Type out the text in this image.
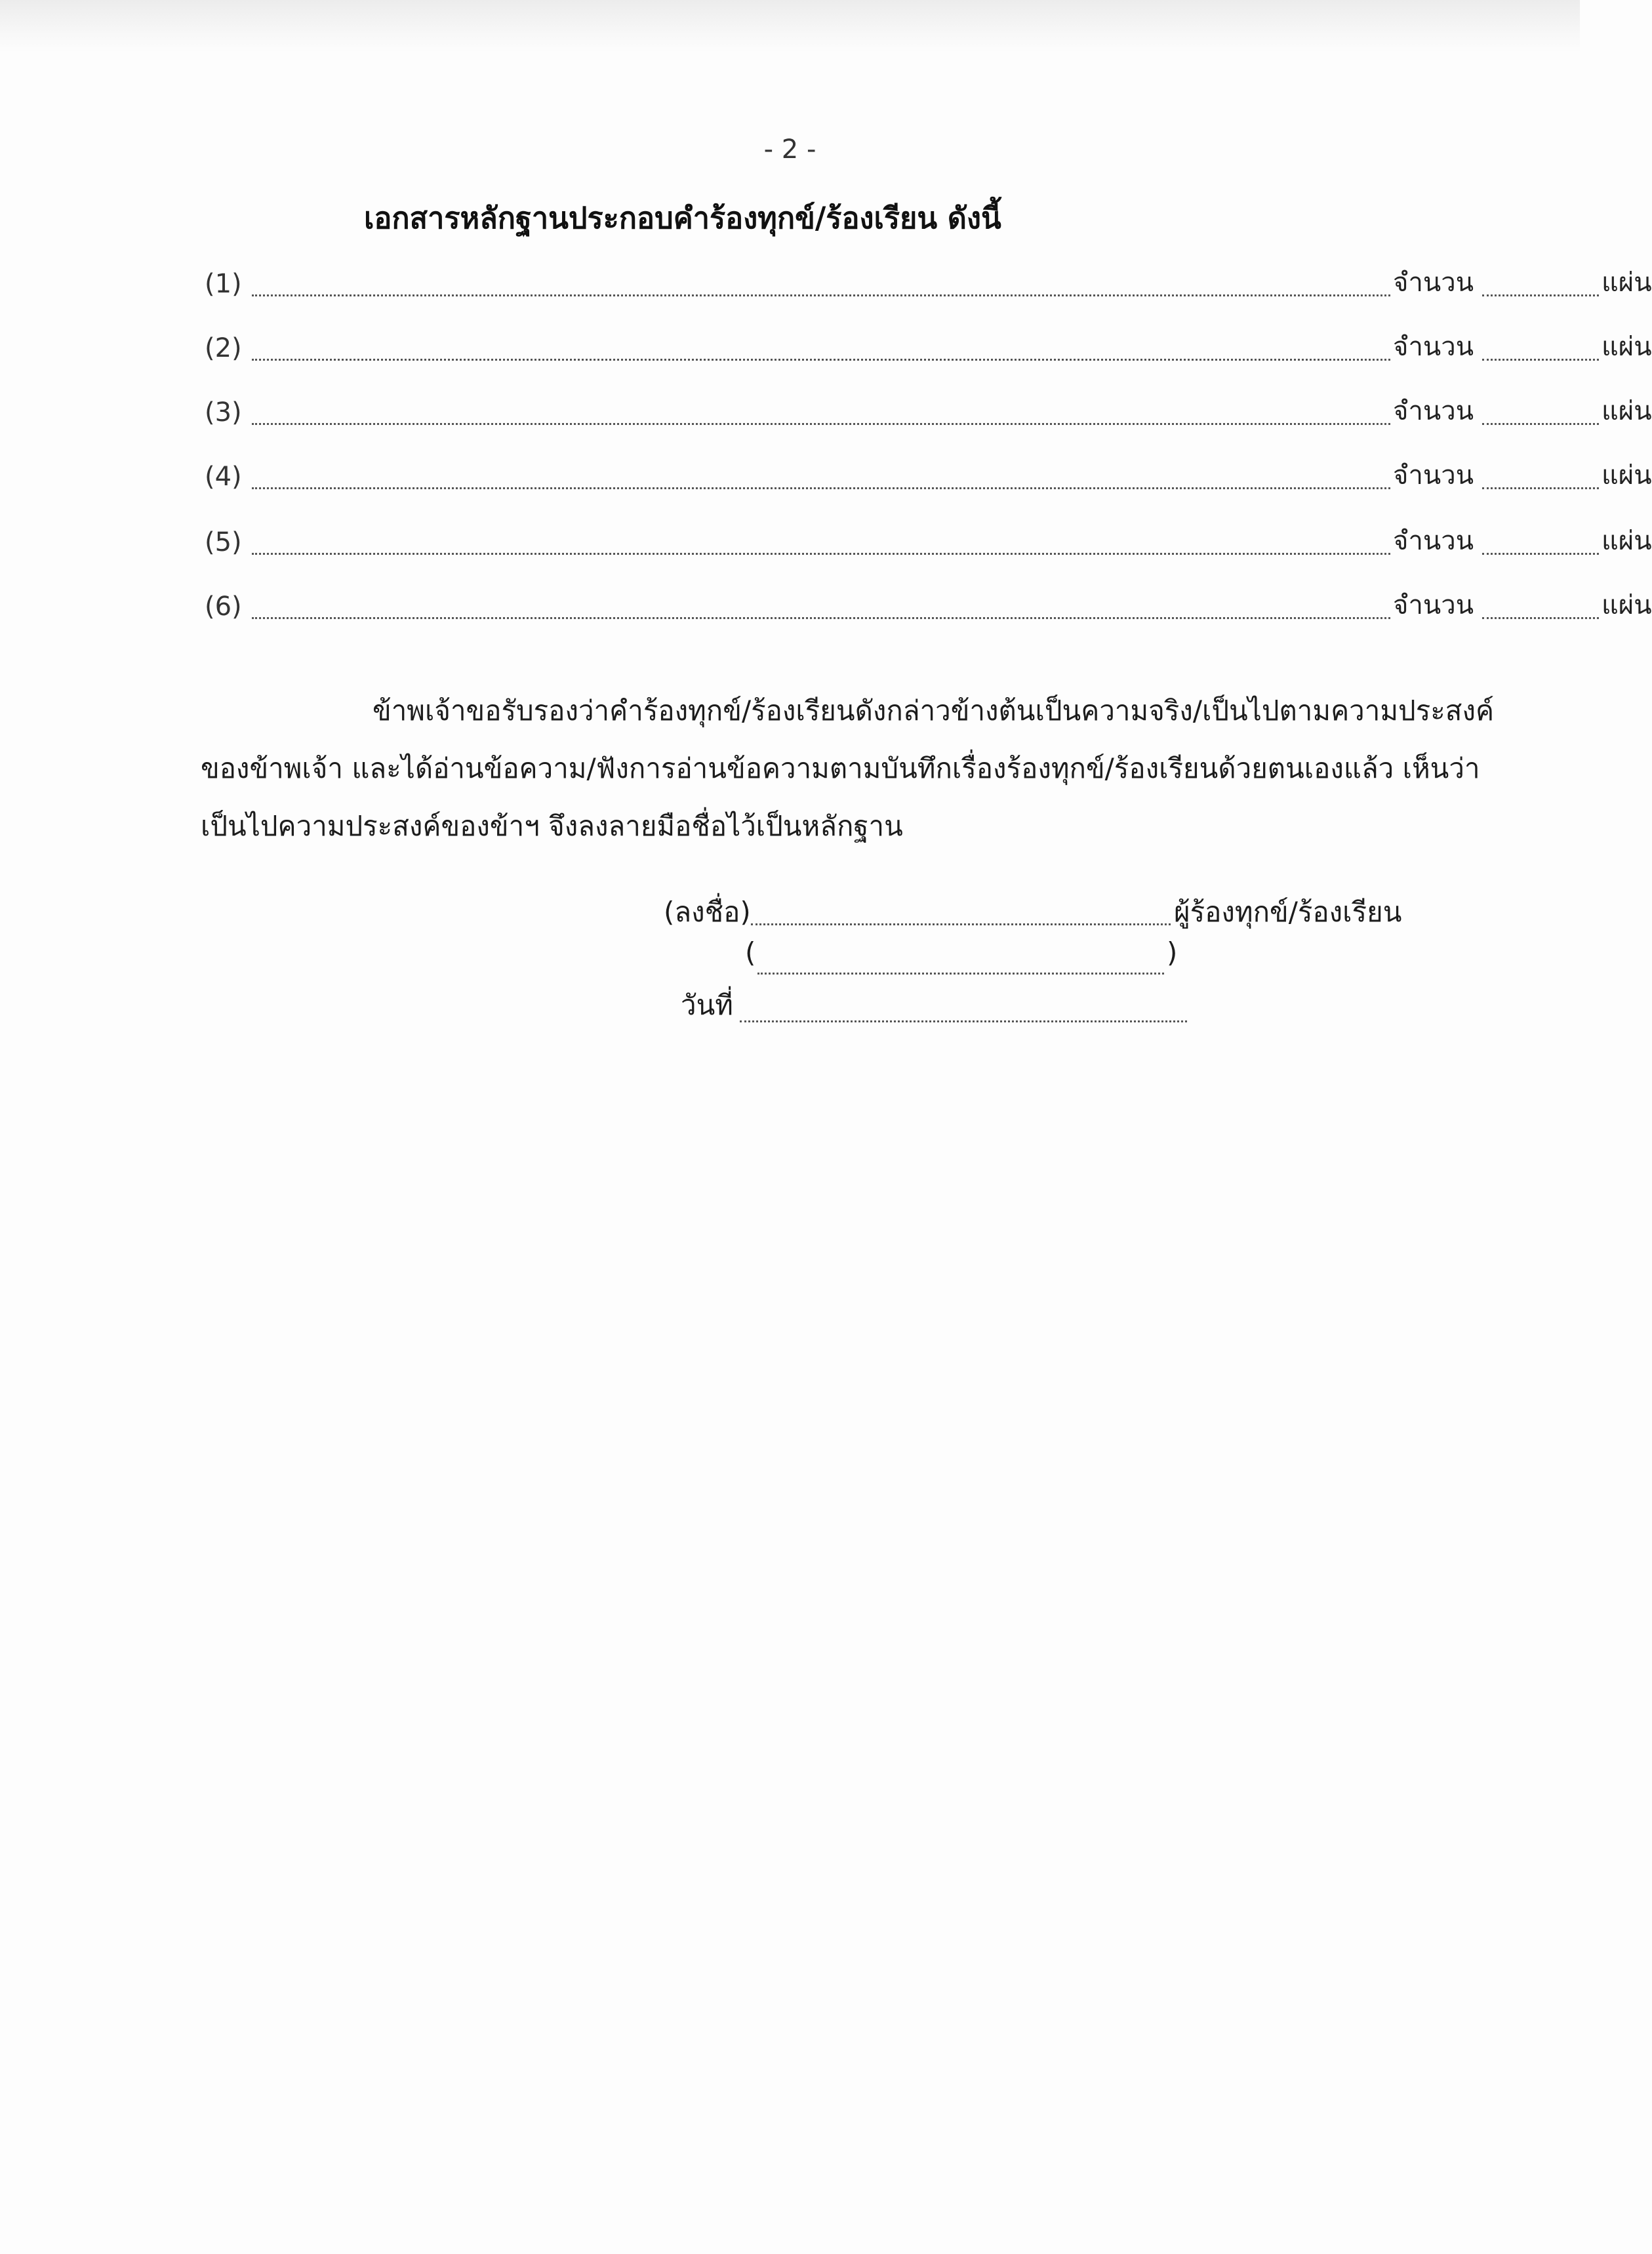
- 2 -
เอกสารหลักฐานประกอบคำร้องทุกข์/ร้องเรียน ดังนี้
(1)	จำนวน	แผ่น
(2)	จำนวน	แผ่น
(3)	จำนวน	แผ่น
(4)	จำนวน	แผ่น
(5)	จำนวน	แผ่น
(6)	จำนวน	แผ่น
ข้าพเจ้าขอรับรองว่าคำร้องทุกข์/ร้องเรียนดังกล่าวข้างต้นเป็นความจริง/เป็นไปตามความประสงค์
ของข้าพเจ้า และได้อ่านข้อความ/ฟังการอ่านข้อความตามบันทึกเรื่องร้องทุกข์/ร้องเรียนด้วยตนเองแล้ว เห็นว่า
เป็นไปความประสงค์ของข้าฯ จึงลงลายมือชื่อไว้เป็นหลักฐาน
(ลงชื่อ)	ผู้ร้องทุกข์/ร้องเรียน
(	)
วันที่
